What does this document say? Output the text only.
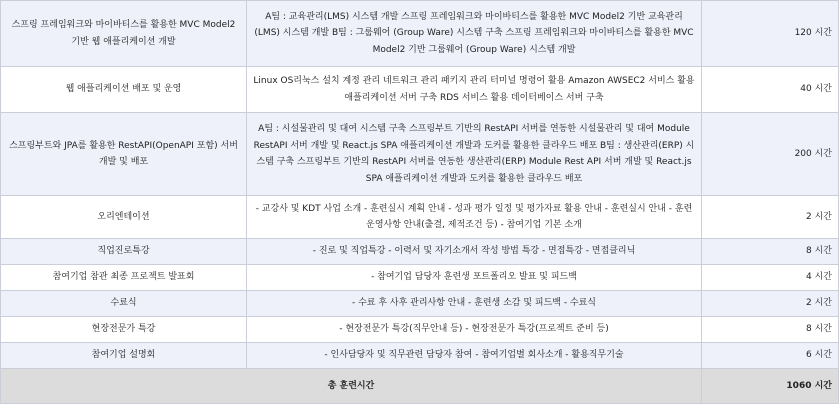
스프링 프레임워크와 마이바티스를 활용한 MVC Model2 기반 웹 애플리케이션 개발	A팀 : 교육관리(LMS) 시스템 개발 스프링 프레임워크와 마이바티스를 활용한 MVC Model2 기반 교육관리(LMS) 시스템 개발 B팀 : 그룹웨어 (Group Ware) 시스템 구축 스프링 프레임워크와 마이바티스를 활용한 MVC Model2 기반 그룹웨어 (Group Ware) 시스템 개발	120 시간
웹 애플리케이션 배포 및 운영	Linux OS리눅스 설치 계정 관리 네트워크 관리 패키지 관리 터미널 명령어 활용 Amazon AWSEC2 서비스 활용 애플리케이션 서버 구축 RDS 서비스 활용 데이터베이스 서버 구축	40 시간
스프링부트와 JPA를 활용한 RestAPI(OpenAPI 포함) 서버 개발 및 배포	A팀 : 시설물관리 및 대여 시스템 구축 스프링부트 기반의 RestAPI 서버를 연동한 시설물관리 및 대여 Module RestAPI 서버 개발 및 React.js SPA 애플리케이션 개발과 도커를 활용한 클라우드 배포 B팀 : 생산관리(ERP) 시스템 구축 스프링부트 기반의 RestAPI 서버를 연동한 생산관리(ERP) Module Rest API 서버 개발 및 React.js SPA 애플리케이션 개발과 도커를 활용한 클라우드 배포	200 시간
오리엔테이션	- 교강사 및 KDT 사업 소개 - 훈련실시 계획 안내 - 성과 평가 일정 및 평가자료 활용 안내 - 훈련실시 안내 - 훈련 운영사항 안내(출결, 제적조건 등) - 참여기업 기본 소개	2 시간
직업진로특강	- 진로 및 직업특강 - 이력서 및 자기소개서 작성 방법 특강 - 면접특강 - 면접클리닉	8 시간
참여기업 참관 최종 프로젝트 발표회	- 참여기업 담당자 훈련생 포트폴리오 발표 및 피드백	4 시간
수료식	- 수료 후 사후 관리사항 안내 - 훈련생 소감 및 피드백 - 수료식	2 시간
현장전문가 특강	- 현장전문가 특강(직무안내 등) - 현장전문가 특강(프로젝트 준비 등)	8 시간
참여기업 설명회	- 인사담당자 및 직무관련 담당자 참여 - 참여기업별 회사소개 - 활용직무기술	6 시간
총 훈련시간		1060 시간
